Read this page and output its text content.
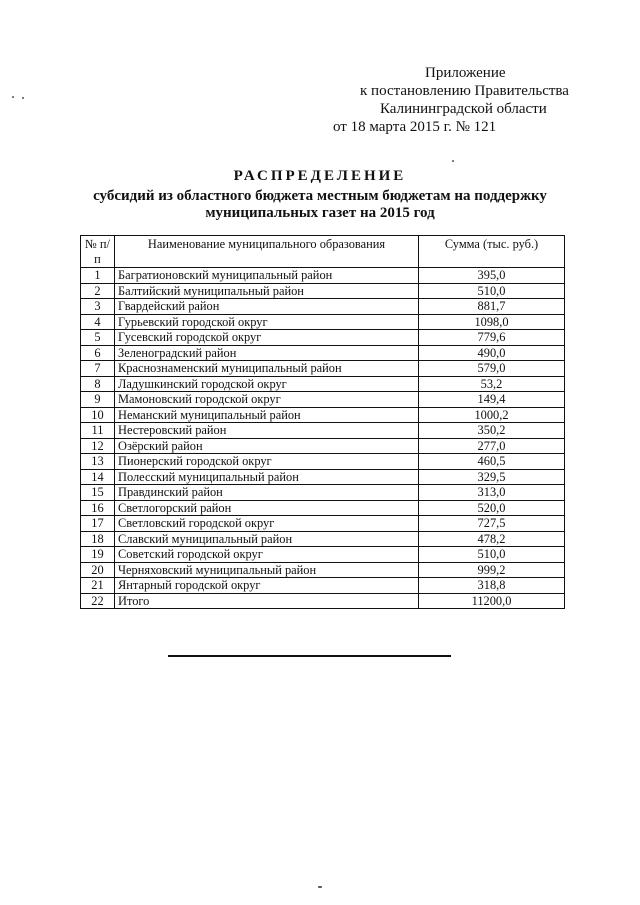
Приложение
к постановлению Правительства
Калининградской области
от 18 марта 2015 г. № 121
РАСПРЕДЕЛЕНИЕ
субсидий из областного бюджета местным бюджетам на поддержку
муниципальных газет на 2015 год
№ п/п	Наименование муниципального образования	Сумма (тыс. руб.)
1	Багратионовский муниципальный район	395,0
2	Балтийский муниципальный район	510,0
3	Гвардейский район	881,7
4	Гурьевский городской округ	1098,0
5	Гусевский городской округ	779,6
6	Зеленоградский район	490,0
7	Краснознаменский муниципальный район	579,0
8	Ладушкинский городской округ	53,2
9	Мамоновский городской округ	149,4
10	Неманский муниципальный район	1000,2
11	Нестеровский район	350,2
12	Озёрский район	277,0
13	Пионерский городской округ	460,5
14	Полесский муниципальный район	329,5
15	Правдинский район	313,0
16	Светлогорский район	520,0
17	Светловский городской округ	727,5
18	Славский муниципальный район	478,2
19	Советский городской округ	510,0
20	Черняховский муниципальный район	999,2
21	Янтарный городской округ	318,8
22	Итого	11200,0
